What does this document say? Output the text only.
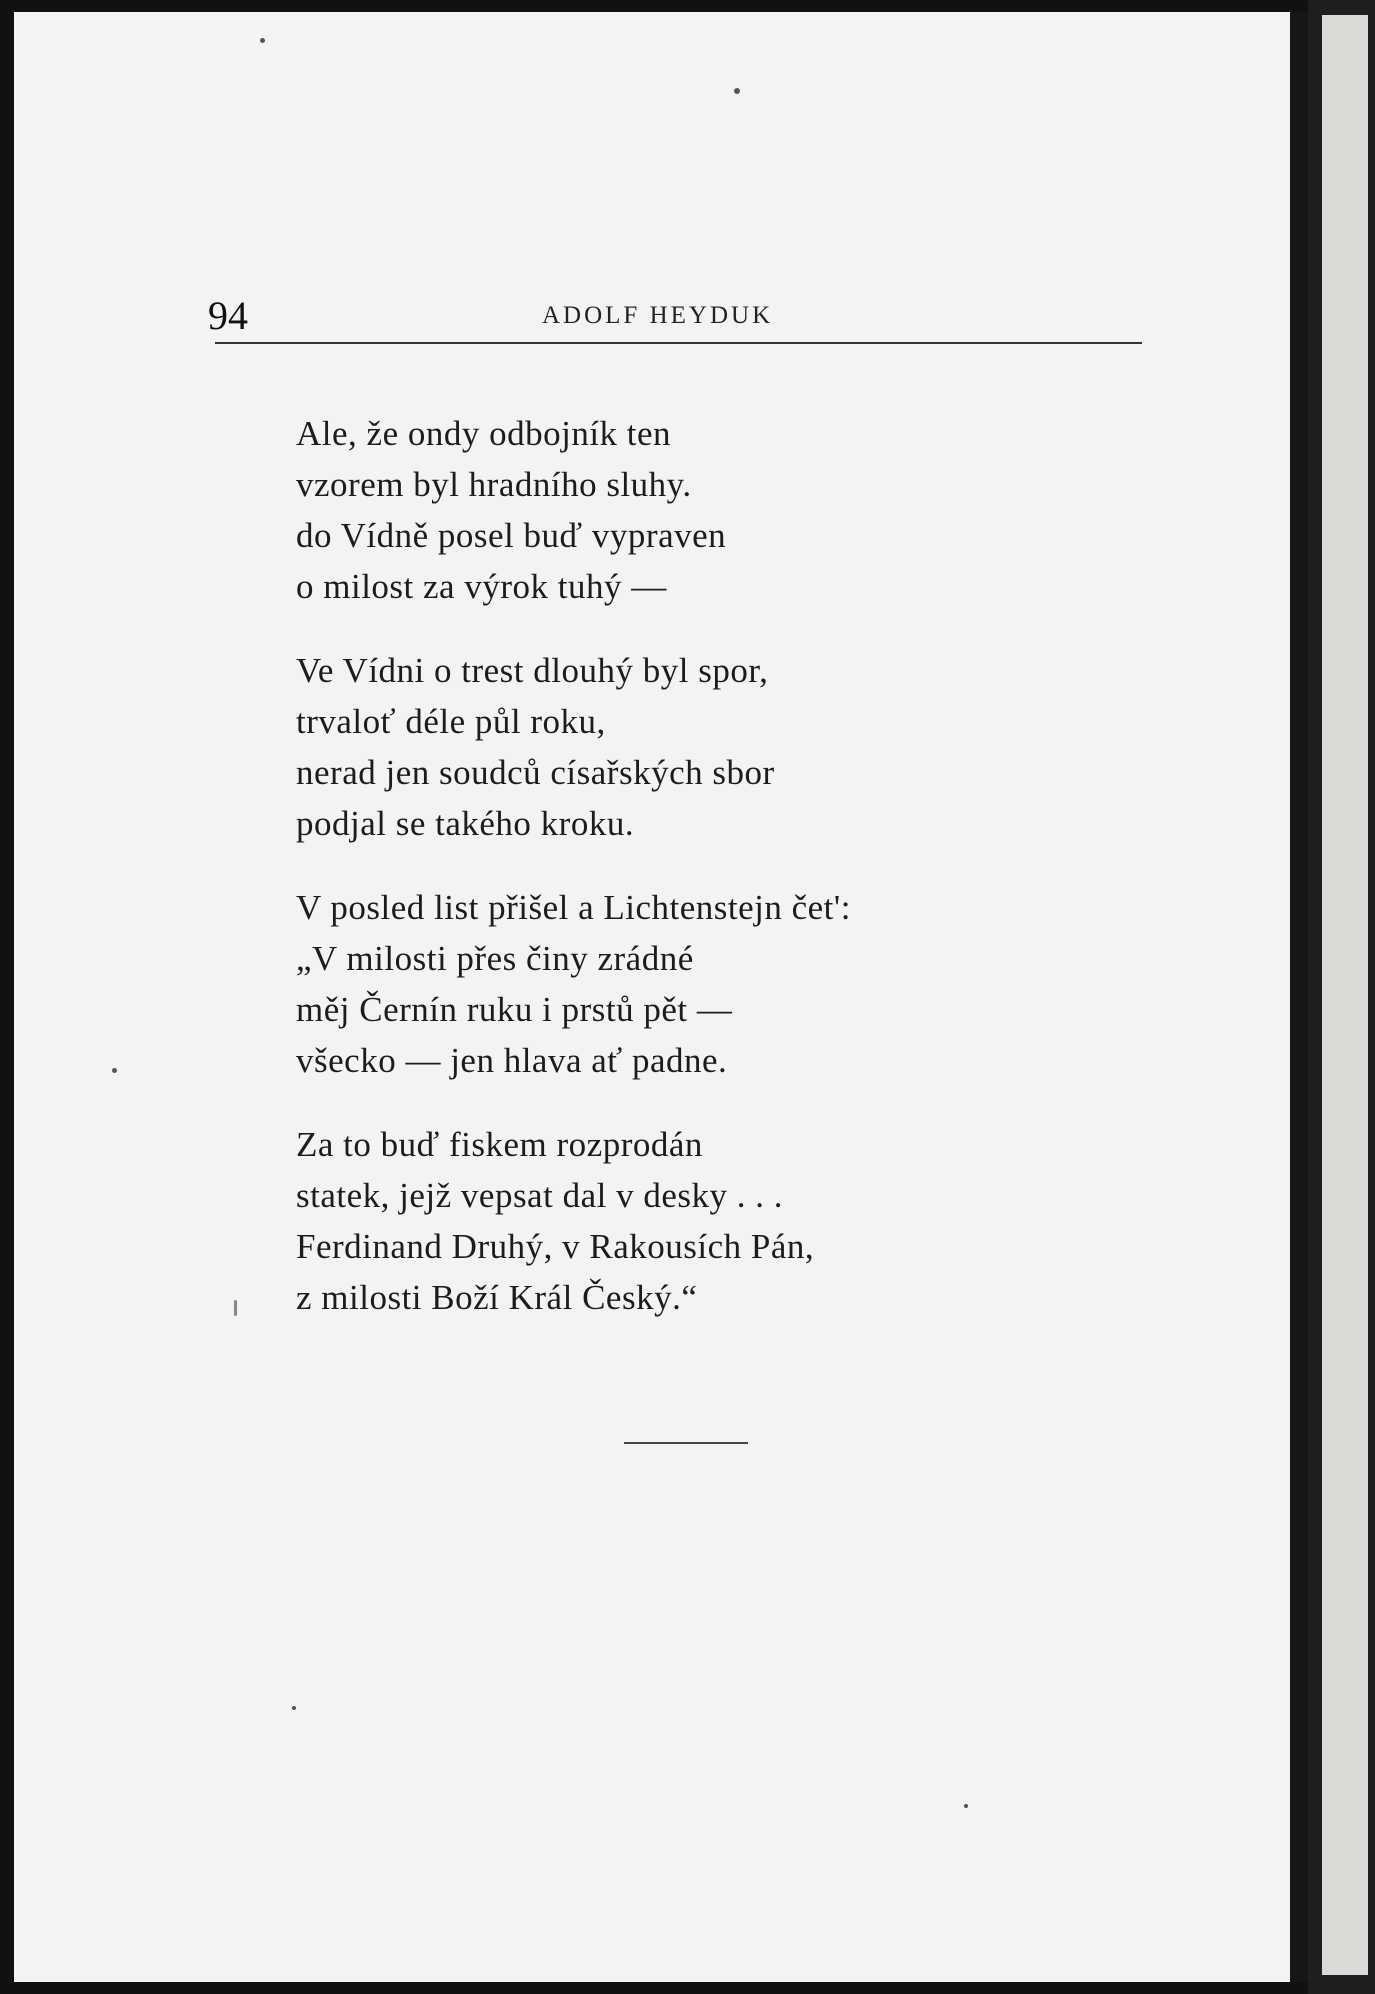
94	ADOLF HEYDUK
Ale, že ondy odbojník ten
vzorem byl hradního sluhy.
do Vídně posel buď vypraven
o milost za výrok tuhý —
Ve Vídni o trest dlouhý byl spor,
trvaloť déle půl roku,
nerad jen soudců císařských sbor
podjal se takého kroku.
V posled list přišel a Lichtenstejn čet':
„V milosti přes činy zrádné
měj Černín ruku i prstů pět —
všecko — jen hlava ať padne.
Za to buď fiskem rozprodán
statek, jejž vepsat dal v desky . . .
Ferdinand Druhý, v Rakousích Pán,
z milosti Boží Král Český.“
